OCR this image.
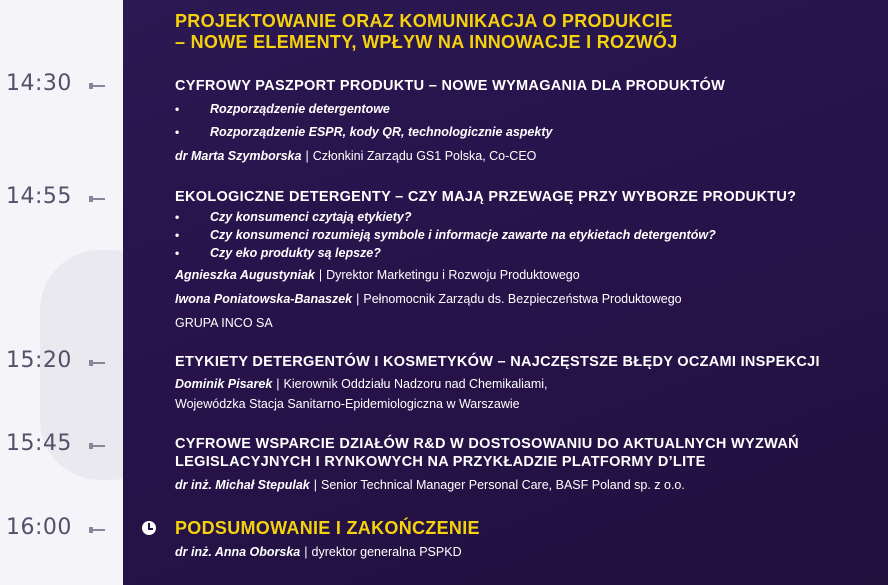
14:30
14:55
15:20
15:45
16:00
PROJEKTOWANIE ORAZ KOMUNIKACJA O PRODUKCIE
– NOWE ELEMENTY, WPŁYW NA INNOWACJE I ROZWÓJ
CYFROWY PASZPORT PRODUKTU – NOWE WYMAGANIA DLA PRODUKTÓW
• Rozporządzenie detergentowe
• Rozporządzenie ESPR, kody QR, technologicznie aspekty
dr Marta Szymborska | Członkini Zarządu GS1 Polska, Co-CEO
EKOLOGICZNE DETERGENTY – CZY MAJĄ PRZEWAGĘ PRZY WYBORZE PRODUKTU?
• Czy konsumenci czytają etykiety?
• Czy konsumenci rozumieją symbole i informacje zawarte na etykietach detergentów?
• Czy eko produkty są lepsze?
Agnieszka Augustyniak | Dyrektor Marketingu i Rozwoju Produktowego
Iwona Poniatowska-Banaszek | Pełnomocnik Zarządu ds. Bezpieczeństwa Produktowego
GRUPA INCO SA
ETYKIETY DETERGENTÓW I KOSMETYKÓW – NAJCZĘSTSZE BŁĘDY OCZAMI INSPEKCJI
Dominik Pisarek | Kierownik Oddziału Nadzoru nad Chemikaliami,
Wojewódzka Stacja Sanitarno-Epidemiologiczna w Warszawie
CYFROWE WSPARCIE DZIAŁÓW R&D W DOSTOSOWANIU DO AKTUALNYCH WYZWAŃ
LEGISLACYJNYCH I RYNKOWYCH NA PRZYKŁADZIE PLATFORMY D’LITE
dr inż. Michał Stepulak | Senior Technical Manager Personal Care, BASF Poland sp. z o.o.
PODSUMOWANIE I ZAKOŃCZENIE
dr inż. Anna Oborska | dyrektor generalna PSPKD
